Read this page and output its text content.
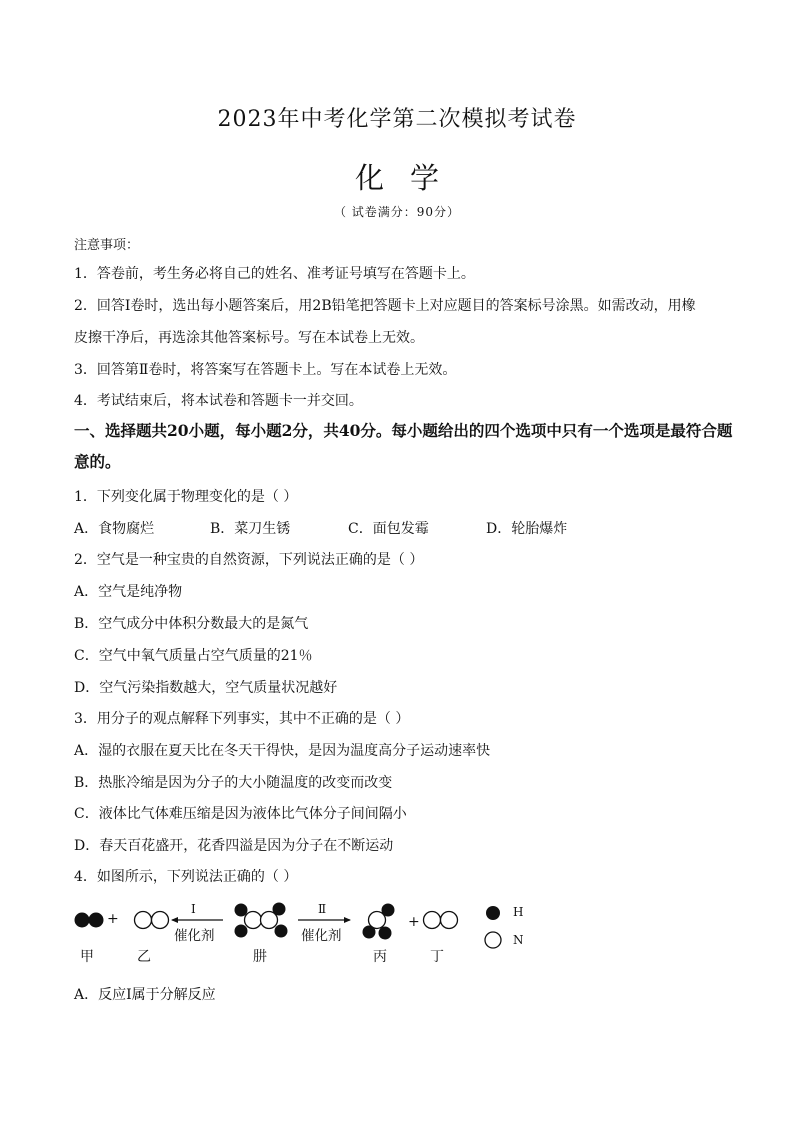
2023年中考化学第二次模拟考试卷
化学
（ 试卷满分：90分）
注意事项：
1．答卷前，考生务必将自己的姓名、准考证号填写在答题卡上。
2．回答Ⅰ卷时，选出每小题答案后，用2B铅笔把答题卡上对应题目的答案标号涂黑。如需改动，用橡
皮擦干净后，再选涂其他答案标号。写在本试卷上无效。
3．回答第Ⅱ卷时，将答案写在答题卡上。写在本试卷上无效。
4．考试结束后，将本试卷和答题卡一并交回。
一、选择题共20小题，每小题2分，共40分。每小题给出的四个选项中只有一个选项是最符合题意的。
1．下列变化属于物理变化的是（ ）
A．食物腐烂	B．菜刀生锈	C．面包发霉	D．轮胎爆炸
2．空气是一种宝贵的自然资源，下列说法正确的是（ ）
A．空气是纯净物
B．空气成分中体积分数最大的是氮气
C．空气中氧气质量占空气质量的21％
D．空气污染指数越大，空气质量状况越好
3．用分子的观点解释下列事实，其中不正确的是（ ）
A．湿的衣服在夏天比在冬天干得快，是因为温度高分子运动速率快
B．热胀冷缩是因为分子的大小随温度的改变而改变
C．液体比气体难压缩是因为液体比气体分子间间隔小
D．春天百花盛开，花香四溢是因为分子在不断运动
4．如图所示，下列说法正确的（ ）
+	+
Ⅰ
催化剂
Ⅱ
催化剂
甲	乙	肼	丙	丁
H
N
A．反应Ⅰ属于分解反应
